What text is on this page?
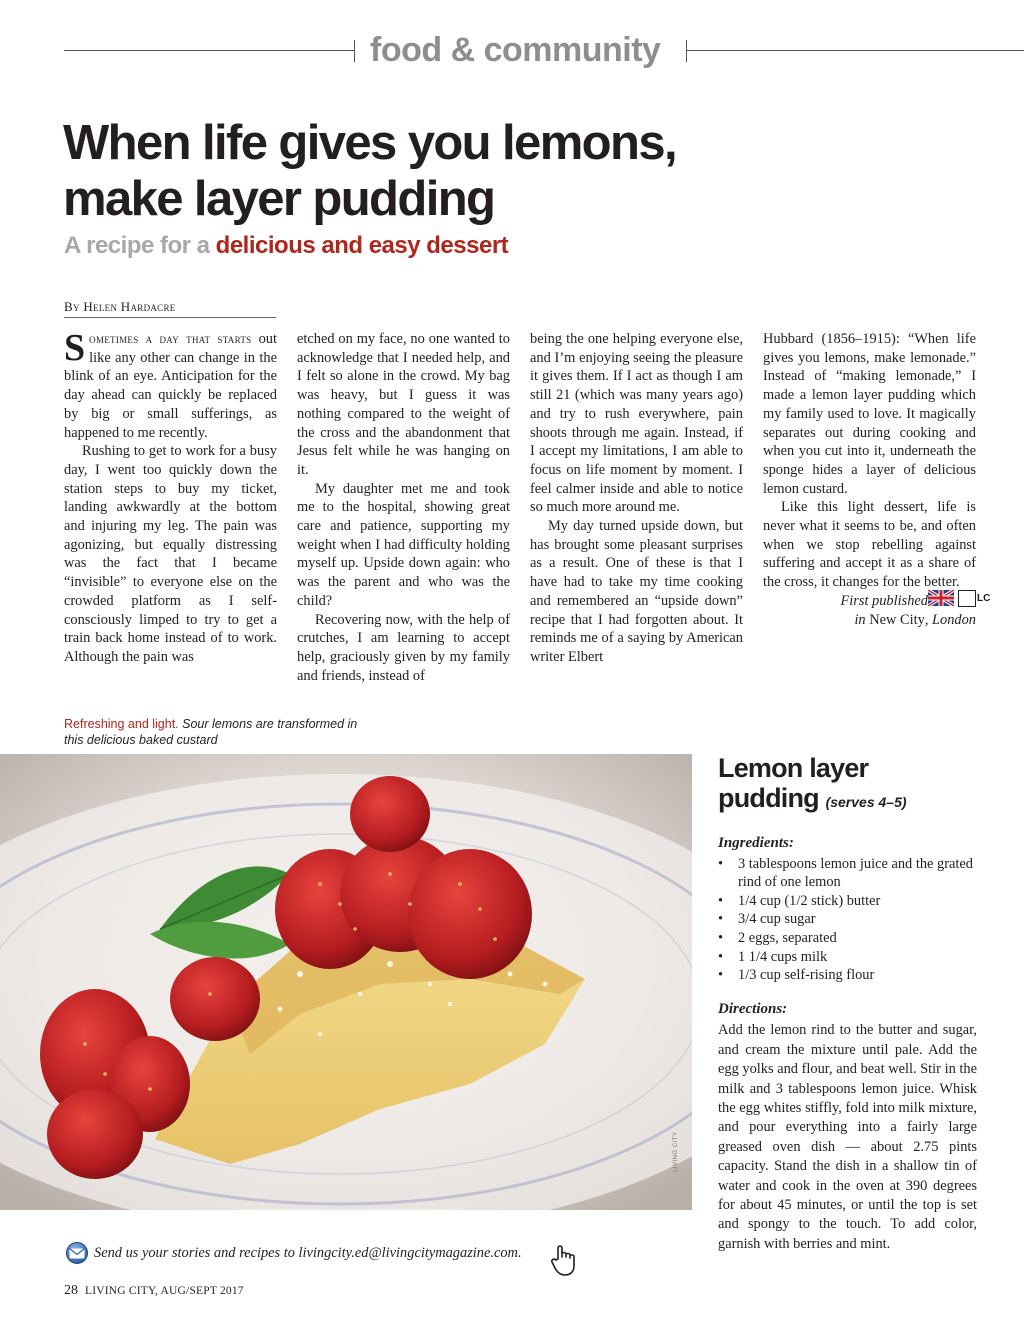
food & community
When life gives you lemons,
make layer pudding
A recipe for a delicious and easy dessert
By Helen Hardacre

Sometimes a day that starts out like any other can change in the blink of an eye. Anticipation for the day ahead can quickly be replaced by big or small sufferings, as happened to me recently.

Rushing to get to work for a busy day, I went too quickly down the station steps to buy my ticket, landing awkwardly at the bottom and injuring my leg. The pain was agonizing, but equally distressing was the fact that I became “invisible” to everyone else on the crowded platform as I self-consciously limped to try to get a train back home instead of to work. Although the pain was

etched on my face, no one wanted to acknowledge that I needed help, and I felt so alone in the crowd. My bag was heavy, but I guess it was nothing compared to the weight of the cross and the abandonment that Jesus felt while he was hanging on it.

My daughter met me and took me to the hospital, showing great care and patience, supporting my weight when I had difficulty holding myself up. Upside down again: who was the parent and who was the child?

Recovering now, with the help of crutches, I am learning to accept help, graciously given by my family and friends, instead of

being the one helping everyone else, and I’m enjoying seeing the pleasure it gives them. If I act as though I am still 21 (which was many years ago) and try to rush everywhere, pain shoots through me again. Instead, if I accept my limitations, I am able to focus on life moment by moment. I feel calmer inside and able to notice so much more around me.

My day turned upside down, but has brought some pleasant surprises as a result. One of these is that I have had to take my time cooking and remembered an “upside down” recipe that I had forgotten about. It reminds me of a saying by American writer Elbert

Hubbard (1856–1915): “When life gives you lemons, make lemonade.” Instead of “making lemonade,” I made a lemon layer pudding which my family used to love. It magically separates out during cooking and when you cut into it, underneath the sponge hides a layer of delicious lemon custard.

Like this light dessert, life is never what it seems to be, and often when we stop rebelling against suffering and accept it as a share of the cross, it changes for the better.
LC

First published
in New City, London

Refreshing and light. Sour lemons are transformed in this delicious baked custard
LIVING CITY
Lemon layer
pudding (serves 4–5)

Ingredients:

• 3 tablespoons lemon juice and the grated rind of one lemon
• 1/4 cup (1/2 stick) butter
• 3/4 cup sugar
• 2 eggs, separated
• 1 1/4 cups milk
• 1/3 cup self-rising flour

Directions:

Add the lemon rind to the butter and sugar, and cream the mixture until pale. Add the egg yolks and flour, and beat well. Stir in the milk and 3 tablespoons lemon juice. Whisk the egg whites stiffly, fold into milk mixture, and pour everything into a fairly large greased oven dish — about 2.75 pints capacity. Stand the dish in a shallow tin of water and cook in the oven at 390 degrees for about 45 minutes, or until the top is set and spongy to the touch. To add color, garnish with berries and mint.

Send us your stories and recipes to livingcity.ed@livingcitymagazine.com.
28 LIVING CITY, AUG/SEPT 2017
